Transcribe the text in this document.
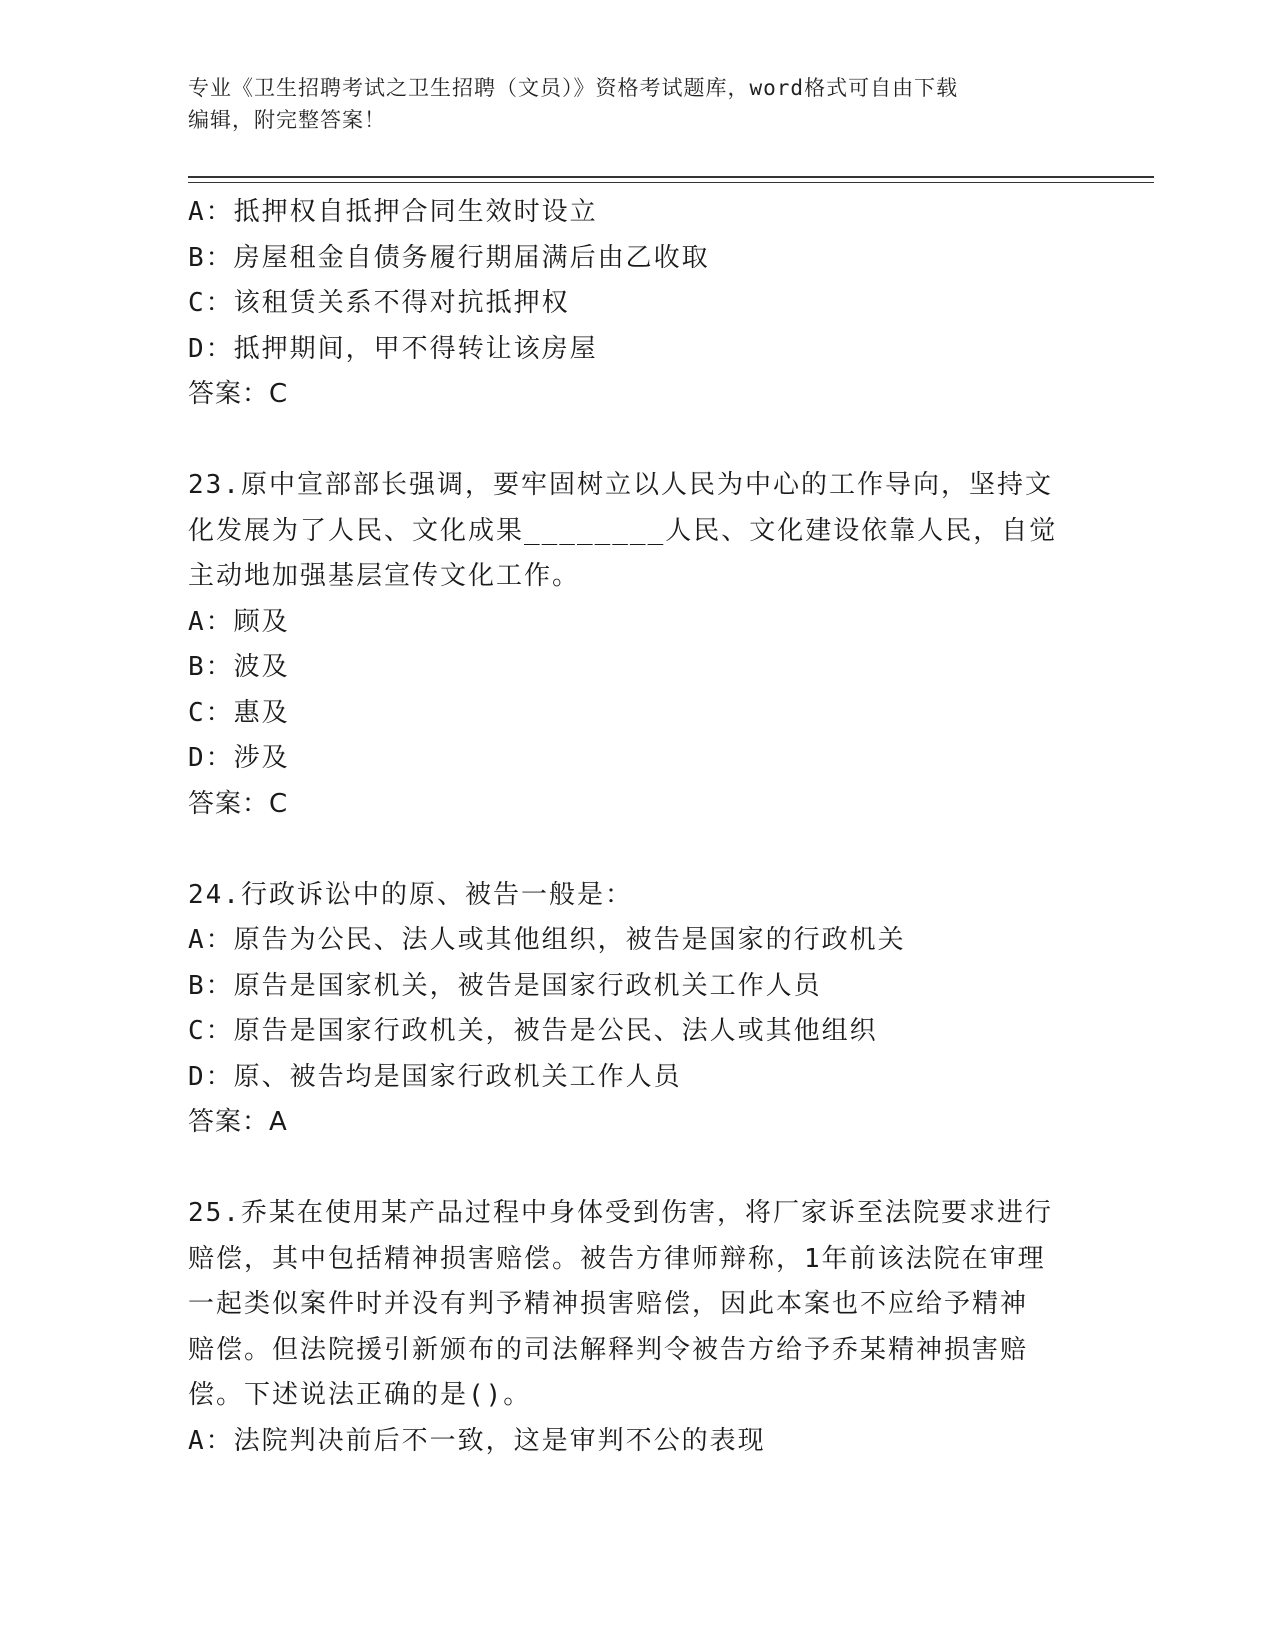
专业《卫生招聘考试之卫生招聘（文员）》资格考试题库，word格式可自由下载
编辑，附完整答案！
A：抵押权自抵押合同生效时设立
B：房屋租金自债务履行期届满后由乙收取
C：该租赁关系不得对抗抵押权
D：抵押期间，甲不得转让该房屋
答案：C
23.原中宣部部长强调，要牢固树立以人民为中心的工作导向，坚持文
化发展为了人民、文化成果________人民、文化建设依靠人民，自觉
主动地加强基层宣传文化工作。
A：顾及
B：波及
C：惠及
D：涉及
答案：C
24.行政诉讼中的原、被告一般是：
A：原告为公民、法人或其他组织，被告是国家的行政机关
B：原告是国家机关，被告是国家行政机关工作人员
C：原告是国家行政机关，被告是公民、法人或其他组织
D：原、被告均是国家行政机关工作人员
答案：A
25.乔某在使用某产品过程中身体受到伤害，将厂家诉至法院要求进行
赔偿，其中包括精神损害赔偿。被告方律师辩称，1年前该法院在审理
一起类似案件时并没有判予精神损害赔偿，因此本案也不应给予精神
赔偿。但法院援引新颁布的司法解释判令被告方给予乔某精神损害赔
偿。下述说法正确的是()。
A：法院判决前后不一致，这是审判不公的表现
